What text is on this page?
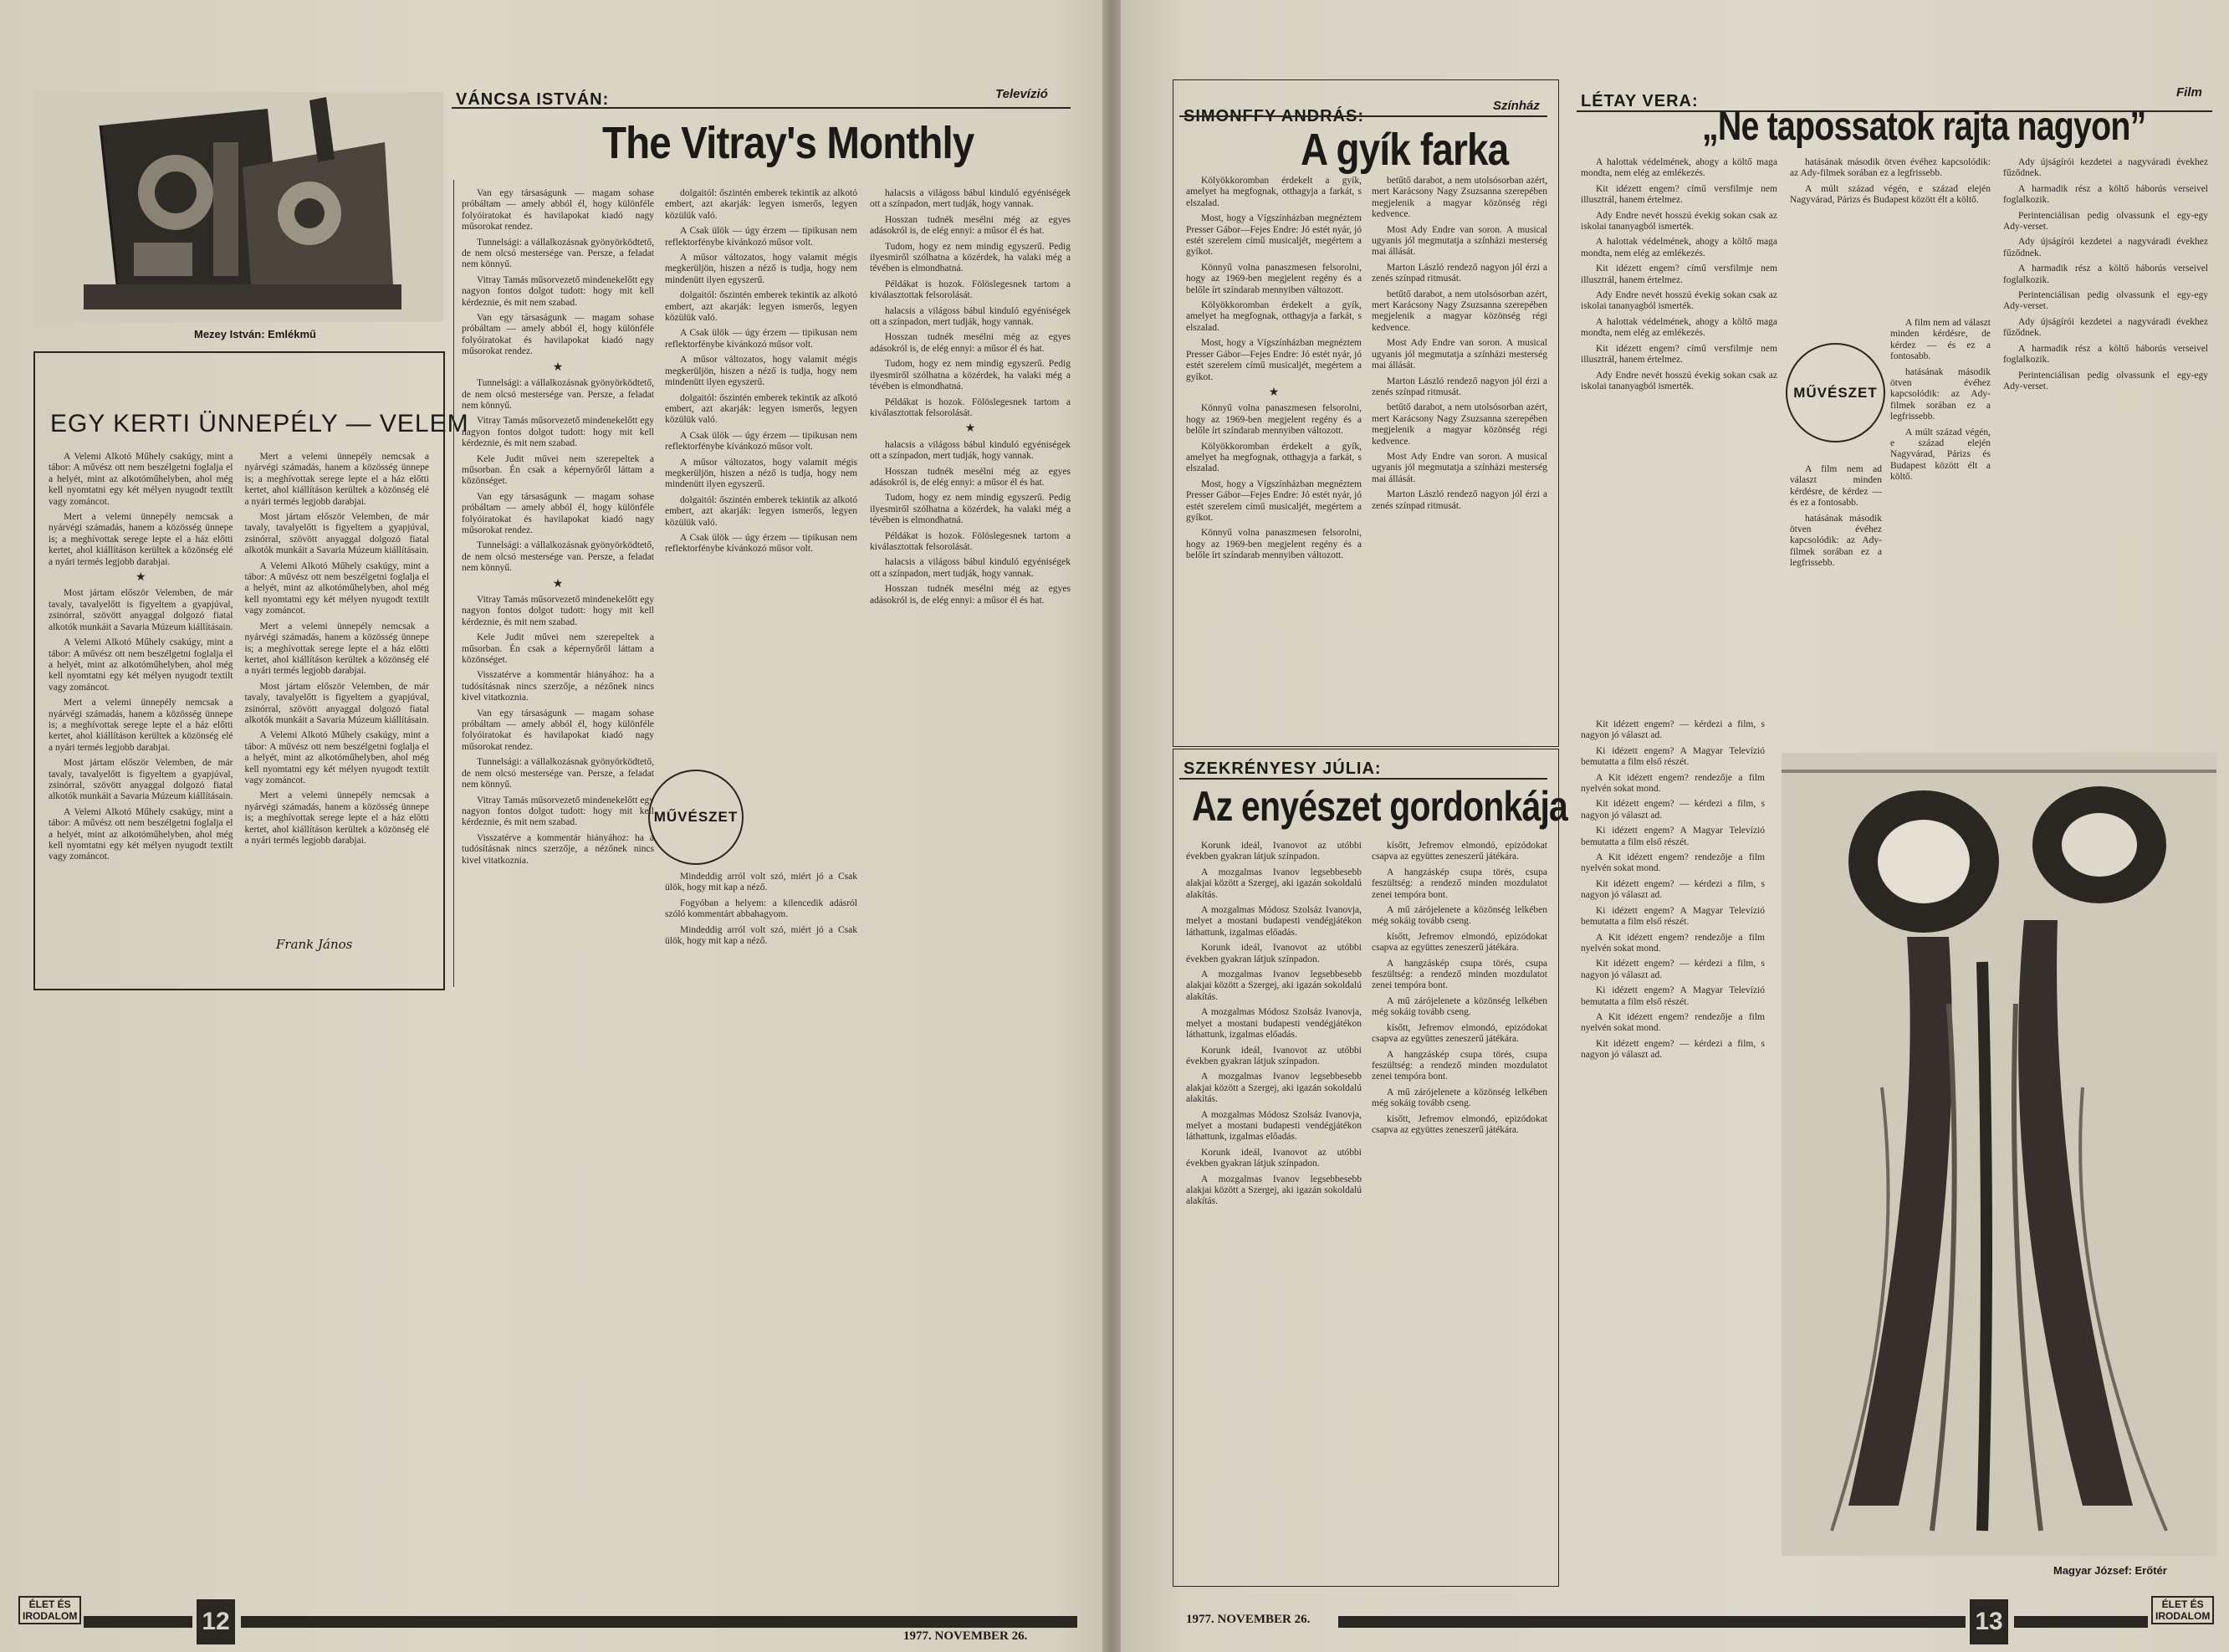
VÁNCSA ISTVÁN:	Televízió
The Vitray's Monthly
Mezey István: Emlékmű
EGY KERTI ÜNNEPÉLY — VELEM

A Velemi Alkotó Műhely csakúgy, mint a tábor: A művész ott nem beszélgetni foglalja el a helyét, mint az alkotóműhelyben, ahol még kell nyomtatni egy két mélyen nyugodt textilt vagy zománcot.

Mert a velemi ünnepély nemcsak a nyárvégi számadás, hanem a közösség ünnepe is; a meghívottak serege lepte el a ház előtti kertet, ahol kiállításon kerültek a közönség elé a nyári termés legjobb darabjai.

★

Most jártam először Velemben, de már tavaly, tavalyelőtt is figyeltem a gyapjúval, zsinórral, szövött anyaggal dolgozó fiatal alkotók munkáit a Savaria Múzeum kiállításain.

A Velemi Alkotó Műhely csakúgy, mint a tábor: A művész ott nem beszélgetni foglalja el a helyét, mint az alkotóműhelyben, ahol még kell nyomtatni egy két mélyen nyugodt textilt vagy zománcot.

Mert a velemi ünnepély nemcsak a nyárvégi számadás, hanem a közösség ünnepe is; a meghívottak serege lepte el a ház előtti kertet, ahol kiállításon kerültek a közönség elé a nyári termés legjobb darabjai.

Most jártam először Velemben, de már tavaly, tavalyelőtt is figyeltem a gyapjúval, zsinórral, szövött anyaggal dolgozó fiatal alkotók munkáit a Savaria Múzeum kiállításain.

A Velemi Alkotó Műhely csakúgy, mint a tábor: A művész ott nem beszélgetni foglalja el a helyét, mint az alkotóműhelyben, ahol még kell nyomtatni egy két mélyen nyugodt textilt vagy zománcot.

Mert a velemi ünnepély nemcsak a nyárvégi számadás, hanem a közösség ünnepe is; a meghívottak serege lepte el a ház előtti kertet, ahol kiállításon kerültek a közönség elé a nyári termés legjobb darabjai.

Most jártam először Velemben, de már tavaly, tavalyelőtt is figyeltem a gyapjúval, zsinórral, szövött anyaggal dolgozó fiatal alkotók munkáit a Savaria Múzeum kiállításain.

A Velemi Alkotó Műhely csakúgy, mint a tábor: A művész ott nem beszélgetni foglalja el a helyét, mint az alkotóműhelyben, ahol még kell nyomtatni egy két mélyen nyugodt textilt vagy zománcot.

Mert a velemi ünnepély nemcsak a nyárvégi számadás, hanem a közösség ünnepe is; a meghívottak serege lepte el a ház előtti kertet, ahol kiállításon kerültek a közönség elé a nyári termés legjobb darabjai.

Most jártam először Velemben, de már tavaly, tavalyelőtt is figyeltem a gyapjúval, zsinórral, szövött anyaggal dolgozó fiatal alkotók munkáit a Savaria Múzeum kiállításain.

A Velemi Alkotó Műhely csakúgy, mint a tábor: A művész ott nem beszélgetni foglalja el a helyét, mint az alkotóműhelyben, ahol még kell nyomtatni egy két mélyen nyugodt textilt vagy zománcot.

Mert a velemi ünnepély nemcsak a nyárvégi számadás, hanem a közösség ünnepe is; a meghívottak serege lepte el a ház előtti kertet, ahol kiállításon kerültek a közönség elé a nyári termés legjobb darabjai.

Frank János

Van egy társaságunk — magam sohase próbáltam — amely abból él, hogy különféle folyóiratokat és havilapokat kiadó nagy műsorokat rendez.

Tunnelsági: a vállalkozásnak gyönyörködtető, de nem olcsó mestersége van. Persze, a feladat nem könnyű.

Vitray Tamás műsorvezető mindenekelőtt egy nagyon fontos dolgot tudott: hogy mit kell kérdeznie, és mit nem szabad.

Van egy társaságunk — magam sohase próbáltam — amely abból él, hogy különféle folyóiratokat és havilapokat kiadó nagy műsorokat rendez.

★

Tunnelsági: a vállalkozásnak gyönyörködtető, de nem olcsó mestersége van. Persze, a feladat nem könnyű.

Vitray Tamás műsorvezető mindenekelőtt egy nagyon fontos dolgot tudott: hogy mit kell kérdeznie, és mit nem szabad.

Kele Judit művei nem szerepeltek a műsorban. Én csak a képernyőről láttam a közönséget.

Van egy társaságunk — magam sohase próbáltam — amely abból él, hogy különféle folyóiratokat és havilapokat kiadó nagy műsorokat rendez.

Tunnelsági: a vállalkozásnak gyönyörködtető, de nem olcsó mestersége van. Persze, a feladat nem könnyű.

★

Vitray Tamás műsorvezető mindenekelőtt egy nagyon fontos dolgot tudott: hogy mit kell kérdeznie, és mit nem szabad.

Kele Judit művei nem szerepeltek a műsorban. Én csak a képernyőről láttam a közönséget.

Visszatérve a kommentár hiányához: ha a tudósításnak nincs szerzője, a nézőnek nincs kivel vitatkoznia.

Van egy társaságunk — magam sohase próbáltam — amely abból él, hogy különféle folyóiratokat és havilapokat kiadó nagy műsorokat rendez.

Tunnelsági: a vállalkozásnak gyönyörködtető, de nem olcsó mestersége van. Persze, a feladat nem könnyű.

Vitray Tamás műsorvezető mindenekelőtt egy nagyon fontos dolgot tudott: hogy mit kell kérdeznie, és mit nem szabad.

Visszatérve a kommentár hiányához: ha a tudósításnak nincs szerzője, a nézőnek nincs kivel vitatkoznia.

dolgaitól: őszintén emberek tekintik az alkotó embert, azt akarják: legyen ismerős, legyen közülük való.

A Csak ülök — úgy érzem — tipikusan nem reflektorfénybe kívánkozó műsor volt.

A műsor változatos, hogy valamit mégis megkerüljön, hiszen a néző is tudja, hogy nem mindenütt ilyen egyszerű.

dolgaitól: őszintén emberek tekintik az alkotó embert, azt akarják: legyen ismerős, legyen közülük való.

A Csak ülök — úgy érzem — tipikusan nem reflektorfénybe kívánkozó műsor volt.

A műsor változatos, hogy valamit mégis megkerüljön, hiszen a néző is tudja, hogy nem mindenütt ilyen egyszerű.

dolgaitól: őszintén emberek tekintik az alkotó embert, azt akarják: legyen ismerős, legyen közülük való.

A Csak ülök — úgy érzem — tipikusan nem reflektorfénybe kívánkozó műsor volt.

A műsor változatos, hogy valamit mégis megkerüljön, hiszen a néző is tudja, hogy nem mindenütt ilyen egyszerű.

dolgaitól: őszintén emberek tekintik az alkotó embert, azt akarják: legyen ismerős, legyen közülük való.

A Csak ülök — úgy érzem — tipikusan nem reflektorfénybe kívánkozó műsor volt.

MŰVÉSZET

Mindeddig arról volt szó, miért jó a Csak ülök, hogy mit kap a néző.

Fogyóban a helyem: a kilencedik adásról szóló kommentárt abbahagyom.

Mindeddig arról volt szó, miért jó a Csak ülök, hogy mit kap a néző.

halacsis a világoss bábul kinduló egyéniségek ott a színpadon, mert tudják, hogy vannak.

Hosszan tudnék mesélni még az egyes adásokról is, de elég ennyi: a műsor él és hat.

Tudom, hogy ez nem mindig egyszerű. Pedig ilyesmiről szólhatna a közérdek, ha valaki még a tévében is elmondhatná.

Példákat is hozok. Fölöslegesnek tartom a kiválasztottak felsorolását.

halacsis a világoss bábul kinduló egyéniségek ott a színpadon, mert tudják, hogy vannak.

Hosszan tudnék mesélni még az egyes adásokról is, de elég ennyi: a műsor él és hat.

Tudom, hogy ez nem mindig egyszerű. Pedig ilyesmiről szólhatna a közérdek, ha valaki még a tévében is elmondhatná.

Példákat is hozok. Fölöslegesnek tartom a kiválasztottak felsorolását.

★

halacsis a világoss bábul kinduló egyéniségek ott a színpadon, mert tudják, hogy vannak.

Hosszan tudnék mesélni még az egyes adásokról is, de elég ennyi: a műsor él és hat.

Tudom, hogy ez nem mindig egyszerű. Pedig ilyesmiről szólhatna a közérdek, ha valaki még a tévében is elmondhatná.

Példákat is hozok. Fölöslegesnek tartom a kiválasztottak felsorolását.

halacsis a világoss bábul kinduló egyéniségek ott a színpadon, mert tudják, hogy vannak.

Hosszan tudnék mesélni még az egyes adásokról is, de elég ennyi: a műsor él és hat.

ÉLET ÉS
IRODALOM	12
1977. NOVEMBER 26.
SIMONFFY ANDRÁS:
Színház
A gyík farka

Kölyökkoromban érdekelt a gyík, amelyet ha megfognak, otthagyja a farkát, s elszalad.

Most, hogy a Vígszínházban megnéztem Presser Gábor—Fejes Endre: Jó estét nyár, jó estét szerelem című musicaljét, megértem a gyíkot.

Könnyű volna panaszmesen felsorolni, hogy az 1969-ben megjelent regény és a belőle írt színdarab mennyiben változott.

Kölyökkoromban érdekelt a gyík, amelyet ha megfognak, otthagyja a farkát, s elszalad.

Most, hogy a Vígszínházban megnéztem Presser Gábor—Fejes Endre: Jó estét nyár, jó estét szerelem című musicaljét, megértem a gyíkot.

★

Könnyű volna panaszmesen felsorolni, hogy az 1969-ben megjelent regény és a belőle írt színdarab mennyiben változott.

Kölyökkoromban érdekelt a gyík, amelyet ha megfognak, otthagyja a farkát, s elszalad.

Most, hogy a Vígszínházban megnéztem Presser Gábor—Fejes Endre: Jó estét nyár, jó estét szerelem című musicaljét, megértem a gyíkot.

Könnyű volna panaszmesen felsorolni, hogy az 1969-ben megjelent regény és a belőle írt színdarab mennyiben változott.

betűtő darabot, a nem utolsósorban azért, mert Karácsony Nagy Zsuzsanna szerepében megjelenik a magyar közönség régi kedvence.

Most Ady Endre van soron. A musical ugyanis jól megmutatja a színházi mesterség mai állását.

Marton László rendező nagyon jól érzi a zenés színpad ritmusát.

betűtő darabot, a nem utolsósorban azért, mert Karácsony Nagy Zsuzsanna szerepében megjelenik a magyar közönség régi kedvence.

Most Ady Endre van soron. A musical ugyanis jól megmutatja a színházi mesterség mai állását.

Marton László rendező nagyon jól érzi a zenés színpad ritmusát.

betűtő darabot, a nem utolsósorban azért, mert Karácsony Nagy Zsuzsanna szerepében megjelenik a magyar közönség régi kedvence.

Most Ady Endre van soron. A musical ugyanis jól megmutatja a színházi mesterség mai állását.

Marton László rendező nagyon jól érzi a zenés színpad ritmusát.

SZEKRÉNYESY JÚLIA:
Az enyészet gordonkája

Korunk ideál, Ivanovot az utóbbi években gyakran látjuk színpadon.

A mozgalmas Ivanov legsebbesebb alakjai között a Szergej, aki igazán sokoldalú alakítás.

A mozgalmas Módosz Szolsáz Ivanovja, melyet a mostani budapesti vendégjátékon láthattunk, izgalmas előadás.

Korunk ideál, Ivanovot az utóbbi években gyakran látjuk színpadon.

A mozgalmas Ivanov legsebbesebb alakjai között a Szergej, aki igazán sokoldalú alakítás.

A mozgalmas Módosz Szolsáz Ivanovja, melyet a mostani budapesti vendégjátékon láthattunk, izgalmas előadás.

Korunk ideál, Ivanovot az utóbbi években gyakran látjuk színpadon.

A mozgalmas Ivanov legsebbesebb alakjai között a Szergej, aki igazán sokoldalú alakítás.

A mozgalmas Módosz Szolsáz Ivanovja, melyet a mostani budapesti vendégjátékon láthattunk, izgalmas előadás.

Korunk ideál, Ivanovot az utóbbi években gyakran látjuk színpadon.

A mozgalmas Ivanov legsebbesebb alakjai között a Szergej, aki igazán sokoldalú alakítás.

kísőtt, Jefremov elmondó, epizódokat csapva az együttes zeneszerű játékára.

A hangzáskép csupa törés, csupa feszültség: a rendező minden mozdulatot zenei tempóra bont.

A mű zárójelenete a közönség lelkében még sokáig tovább cseng.

kísőtt, Jefremov elmondó, epizódokat csapva az együttes zeneszerű játékára.

A hangzáskép csupa törés, csupa feszültség: a rendező minden mozdulatot zenei tempóra bont.

A mű zárójelenete a közönség lelkében még sokáig tovább cseng.

kísőtt, Jefremov elmondó, epizódokat csapva az együttes zeneszerű játékára.

A hangzáskép csupa törés, csupa feszültség: a rendező minden mozdulatot zenei tempóra bont.

A mű zárójelenete a közönség lelkében még sokáig tovább cseng.

kísőtt, Jefremov elmondó, epizódokat csapva az együttes zeneszerű játékára.

LÉTAY VERA:	Film
„Ne tapossatok rajta nagyon”

A halottak védelmének, ahogy a költő maga mondta, nem elég az emlékezés.

Kit idézett engem? című versfilmje nem illusztrál, hanem értelmez.

Ady Endre nevét hosszú évekig sokan csak az iskolai tananyagból ismerték.

A halottak védelmének, ahogy a költő maga mondta, nem elég az emlékezés.

Kit idézett engem? című versfilmje nem illusztrál, hanem értelmez.

Ady Endre nevét hosszú évekig sokan csak az iskolai tananyagból ismerték.

A halottak védelmének, ahogy a költő maga mondta, nem elég az emlékezés.

Kit idézett engem? című versfilmje nem illusztrál, hanem értelmez.

Ady Endre nevét hosszú évekig sokan csak az iskolai tananyagból ismerték.

hatásának második ötven évéhez kapcsolódik: az Ady-filmek sorában ez a legfrissebb.

A múlt század végén, e század elején Nagyvárad, Párizs és Budapest között élt a költő.

MŰVÉSZET

A film nem ad választ minden kérdésre, de kérdez — és ez a fontosabb.

hatásának második ötven évéhez kapcsolódik: az Ady-filmek sorában ez a legfrissebb.

A múlt század végén, e század elején Nagyvárad, Párizs és Budapest között élt a költő.

A film nem ad választ minden kérdésre, de kérdez — és ez a fontosabb.

hatásának második ötven évéhez kapcsolódik: az Ady-filmek sorában ez a legfrissebb.

Ady újságírói kezdetei a nagyváradi évekhez fűződnek.

A harmadik rész a költő háborús verseivel foglalkozik.

Perintenciálisan pedig olvassunk el egy-egy Ady-verset.

Ady újságírói kezdetei a nagyváradi évekhez fűződnek.

A harmadik rész a költő háborús verseivel foglalkozik.

Perintenciálisan pedig olvassunk el egy-egy Ady-verset.

Ady újságírói kezdetei a nagyváradi évekhez fűződnek.

A harmadik rész a költő háborús verseivel foglalkozik.

Perintenciálisan pedig olvassunk el egy-egy Ady-verset.

Kit idézett engem? — kérdezi a film, s nagyon jó választ ad.

Ki idézett engem? A Magyar Televízió bemutatta a film első részét.

A Kit idézett engem? rendezője a film nyelvén sokat mond.

Kit idézett engem? — kérdezi a film, s nagyon jó választ ad.

Ki idézett engem? A Magyar Televízió bemutatta a film első részét.

A Kit idézett engem? rendezője a film nyelvén sokat mond.

Kit idézett engem? — kérdezi a film, s nagyon jó választ ad.

Ki idézett engem? A Magyar Televízió bemutatta a film első részét.

A Kit idézett engem? rendezője a film nyelvén sokat mond.

Kit idézett engem? — kérdezi a film, s nagyon jó választ ad.

Ki idézett engem? A Magyar Televízió bemutatta a film első részét.

A Kit idézett engem? rendezője a film nyelvén sokat mond.

Kit idézett engem? — kérdezi a film, s nagyon jó választ ad.

Magyar József: Erőtér
1977. NOVEMBER 26.	13
ÉLET ÉS
IRODALOM
